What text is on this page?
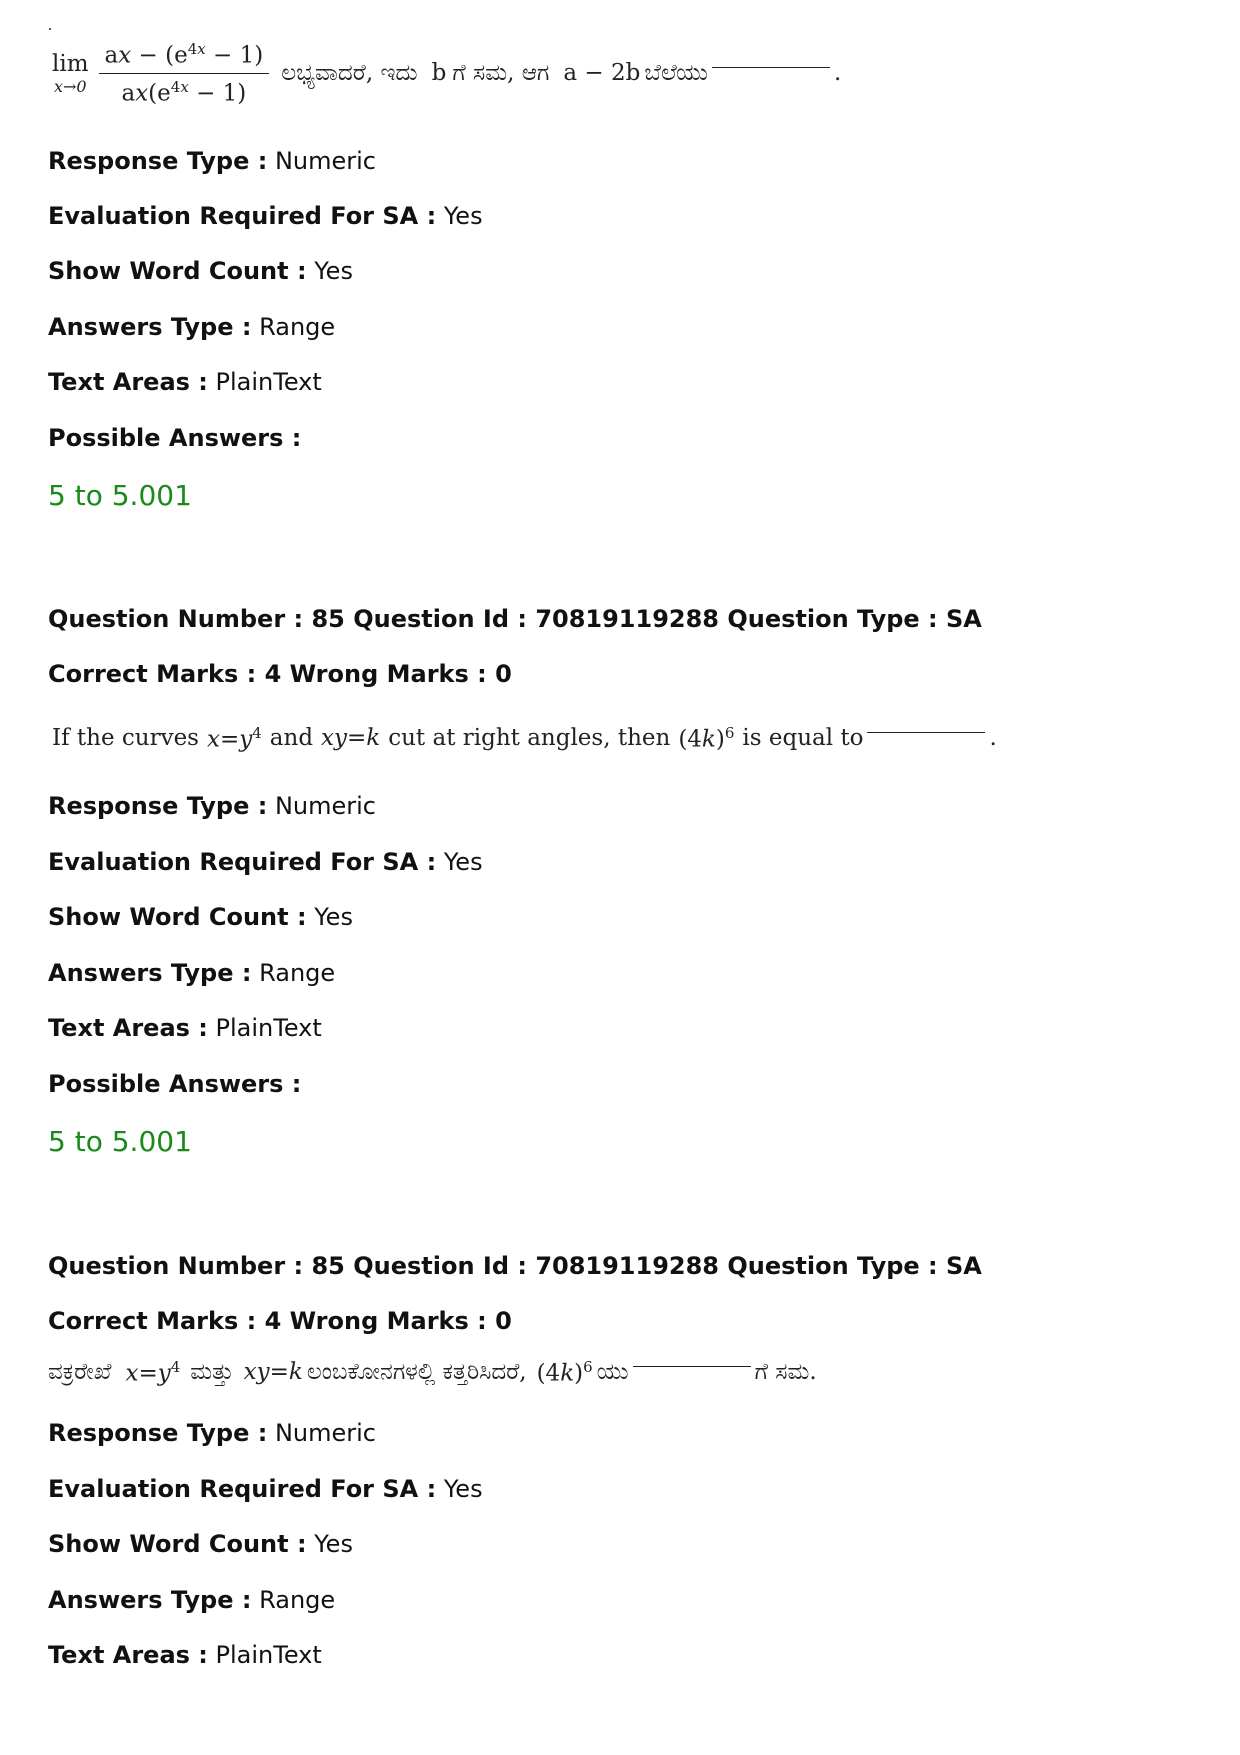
lim
$x\to 0 \frac{ax - (e^{4x} - 1)}{ax(e^{4x} - 1)}$ ಲಭ್ಯವಾದರೆ, ಇದು b ಗೆ ಸಮ, ಆಗ a − 2b ಬೆಲೆಯು	.
Response Type : Numeric
Evaluation Required For SA : Yes
Show Word Count : Yes
Answers Type : Range
Text Areas : PlainText
Possible Answers :
5 to 5.001
Question Number : 85 Question Id : 70819119288 Question Type : SA
Correct Marks : 4 Wrong Marks : 0
If the curves $x=y^4$ and xy=k cut at right angles, then $(4k)^6$ is equal to	.
Response Type : Numeric
Evaluation Required For SA : Yes
Show Word Count : Yes
Answers Type : Range
Text Areas : PlainText
Possible Answers :
5 to 5.001
Question Number : 85 Question Id : 70819119288 Question Type : SA
Correct Marks : 4 Wrong Marks : 0
ವಕ್ರರೇಖೆ $x=y^4$ ಮತ್ತು xy=k ಲಂಬಕೋನಗಳಲ್ಲಿ ಕತ್ತರಿಸಿದರೆ, $(4k)^6$ ಯು	ಗೆ ಸಮ.
Response Type : Numeric
Evaluation Required For SA : Yes
Show Word Count : Yes
Answers Type : Range
Text Areas : PlainText
